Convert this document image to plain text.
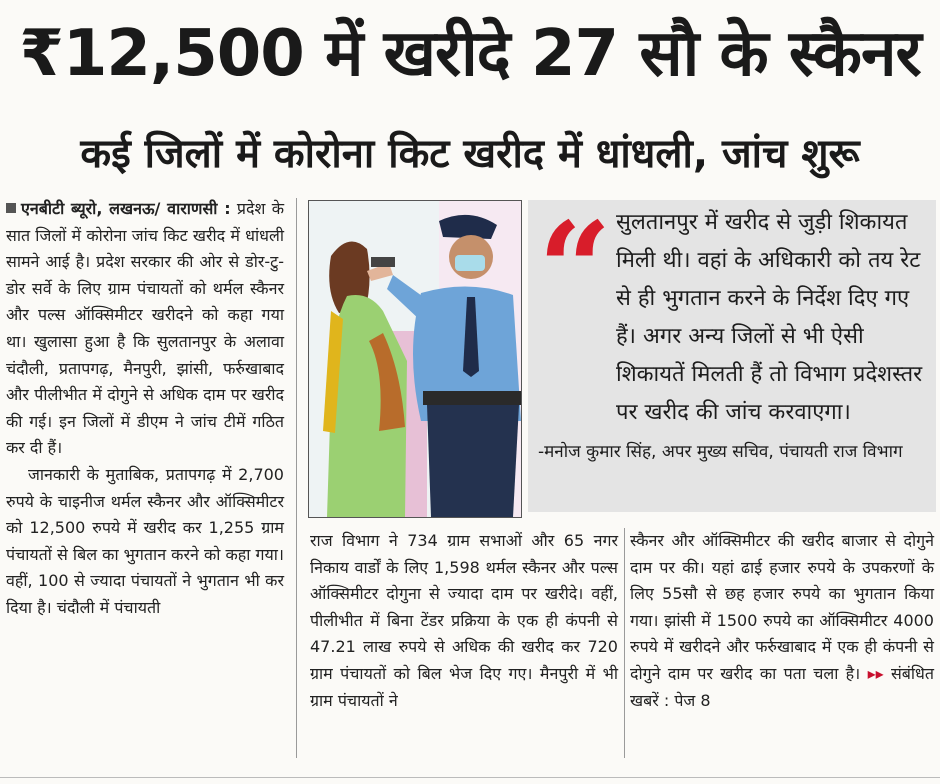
₹12,500 में खरीदे 27 सौ के स्कैनर
कई जिलों में कोरोना किट खरीद में धांधली, जांच शुरू

एनबीटी ब्यूरो, लखनऊ/ वाराणसी : प्रदेश के सात जिलों में कोरोना जांच किट खरीद में धांधली सामने आई है। प्रदेश सरकार की ओर से डोर-टु-डोर सर्वे के लिए ग्राम पंचायतों को थर्मल स्कैनर और पल्स ऑक्सिमीटर खरीदने को कहा गया था। खुलासा हुआ है कि सुलतानपुर के अलावा चंदौली, प्रतापगढ़, मैनपुरी, झांसी, फर्रुखाबाद और पीलीभीत में दोगुने से अधिक दाम पर खरीद की गई। इन जिलों में डीएम ने जांच टीमें गठित कर दी हैं।

जानकारी के मुताबिक, प्रतापगढ़ में 2,700 रुपये के चाइनीज थर्मल स्कैनर और ऑक्सिमीटर को 12,500 रुपये में खरीद कर 1,255 ग्राम पंचायतों से बिल का भुगतान करने को कहा गया। वहीं, 100 से ज्यादा पंचायतों ने भुगतान भी कर दिया है। चंदौली में पंचायती

“ सुलतानपुर में खरीद से जुड़ी शिकायत मिली थी। वहां के अधिकारी को तय रेट से ही भुगतान करने के निर्देश दिए गए हैं। अगर अन्य जिलों से भी ऐसी शिकायतें मिलती हैं तो विभाग प्रदेशस्तर पर खरीद की जांच करवाएगा।
-मनोज कुमार सिंह, अपर मुख्य सचिव, पंचायती राज विभाग

राज विभाग ने 734 ग्राम सभाओं और 65 नगर निकाय वार्डों के लिए 1,598 थर्मल स्कैनर और पल्स ऑक्सिमीटर दोगुना से ज्यादा दाम पर खरीदे। वहीं, पीलीभीत में बिना टेंडर प्रक्रिया के एक ही कंपनी से 47.21 लाख रुपये से अधिक की खरीद कर 720 ग्राम पंचायतों को बिल भेज दिए गए। मैनपुरी में भी ग्राम पंचायतों ने

स्कैनर और ऑक्सिमीटर की खरीद बाजार से दोगुने दाम पर की। यहां ढाई हजार रुपये के उपकरणों के लिए 55सौ से छह हजार रुपये का भुगतान किया गया। झांसी में 1500 रुपये का ऑक्सिमीटर 4000 रुपये में खरीदने और फर्रुखाबाद में एक ही कंपनी से दोगुने दाम पर खरीद का पता चला है। ▸▸ संबंधित खबरें : पेज 8
